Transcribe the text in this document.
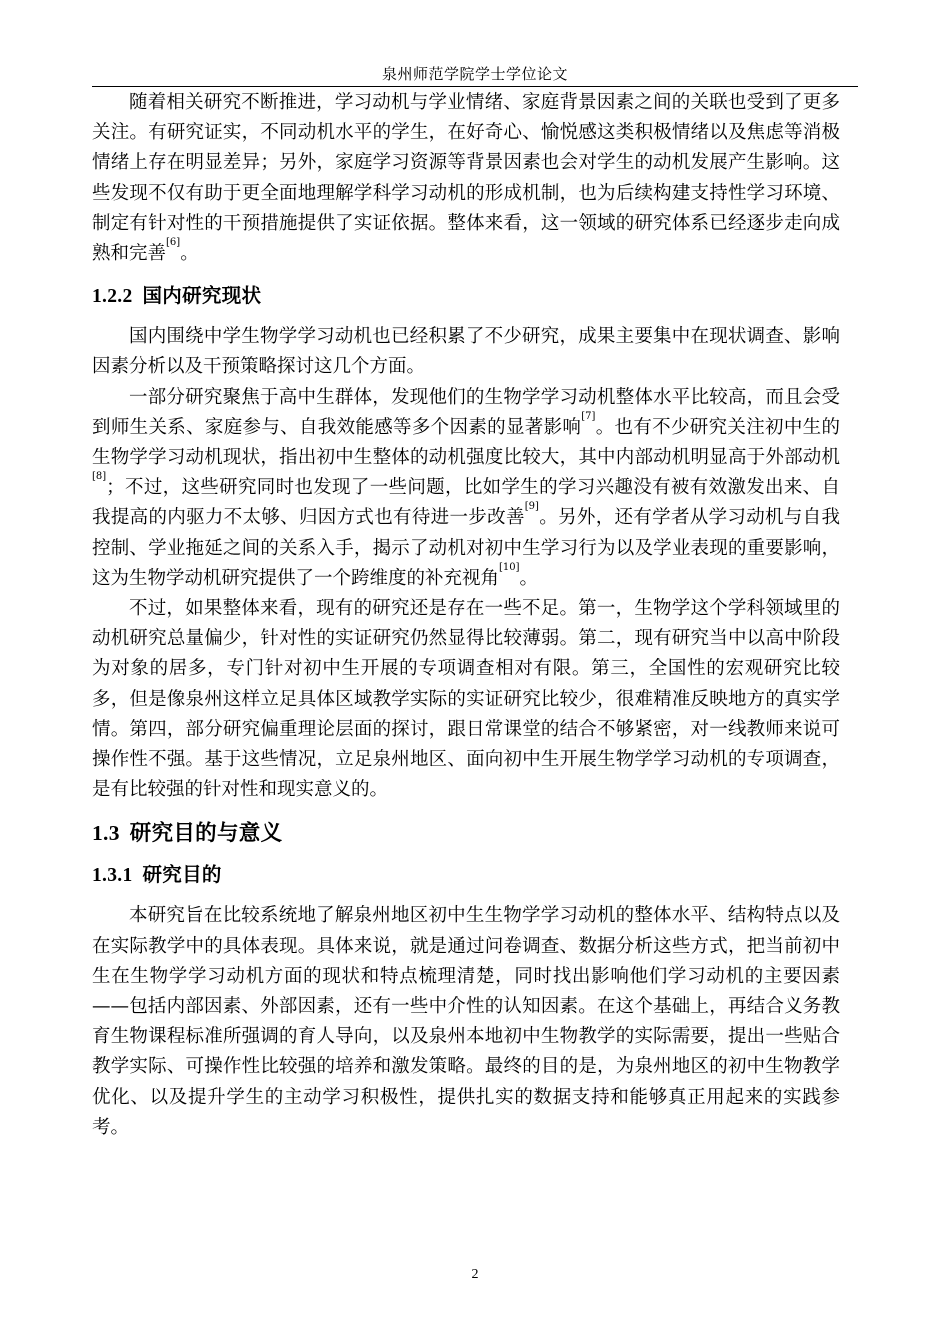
泉州师范学院学士学位论文

随着相关研究不断推进，学习动机与学业情绪、家庭背景因素之间的关联也受到了更多关注。有研究证实，不同动机水平的学生，在好奇心、愉悦感这类积极情绪以及焦虑等消极情绪上存在明显差异；另外，家庭学习资源等背景因素也会对学生的动机发展产生影响。这些发现不仅有助于更全面地理解学科学习动机的形成机制，也为后续构建支持性学习环境、制定有针对性的干预措施提供了实证依据。整体来看，这一领域的研究体系已经逐步走向成熟和完善[6]。

1.2.2 国内研究现状

国内围绕中学生物学学习动机也已经积累了不少研究，成果主要集中在现状调查、影响因素分析以及干预策略探讨这几个方面。

一部分研究聚焦于高中生群体，发现他们的生物学学习动机整体水平比较高，而且会受到师生关系、家庭参与、自我效能感等多个因素的显著影响[7]。也有不少研究关注初中生的生物学学习动机现状，指出初中生整体的动机强度比较大，其中内部动机明显高于外部动机[8]；不过，这些研究同时也发现了一些问题，比如学生的学习兴趣没有被有效激发出来、自我提高的内驱力不太够、归因方式也有待进一步改善[9]。另外，还有学者从学习动机与自我控制、学业拖延之间的关系入手，揭示了动机对初中生学习行为以及学业表现的重要影响，这为生物学动机研究提供了一个跨维度的补充视角[10]。

不过，如果整体来看，现有的研究还是存在一些不足。第一，生物学这个学科领域里的动机研究总量偏少，针对性的实证研究仍然显得比较薄弱。第二，现有研究当中以高中阶段为对象的居多，专门针对初中生开展的专项调查相对有限。第三，全国性的宏观研究比较多，但是像泉州这样立足具体区域教学实际的实证研究比较少，很难精准反映地方的真实学情。第四，部分研究偏重理论层面的探讨，跟日常课堂的结合不够紧密，对一线教师来说可操作性不强。基于这些情况，立足泉州地区、面向初中生开展生物学学习动机的专项调查，是有比较强的针对性和现实意义的。

1.3 研究目的与意义
1.3.1 研究目的

本研究旨在比较系统地了解泉州地区初中生生物学学习动机的整体水平、结构特点以及在实际教学中的具体表现。具体来说，就是通过问卷调查、数据分析这些方式，把当前初中生在生物学学习动机方面的现状和特点梳理清楚，同时找出影响他们学习动机的主要因素——包括内部因素、外部因素，还有一些中介性的认知因素。在这个基础上，再结合义务教育生物课程标准所强调的育人导向，以及泉州本地初中生物教学的实际需要，提出一些贴合教学实际、可操作性比较强的培养和激发策略。最终的目的是，为泉州地区的初中生物教学优化、以及提升学生的主动学习积极性，提供扎实的数据支持和能够真正用起来的实践参考。

2
